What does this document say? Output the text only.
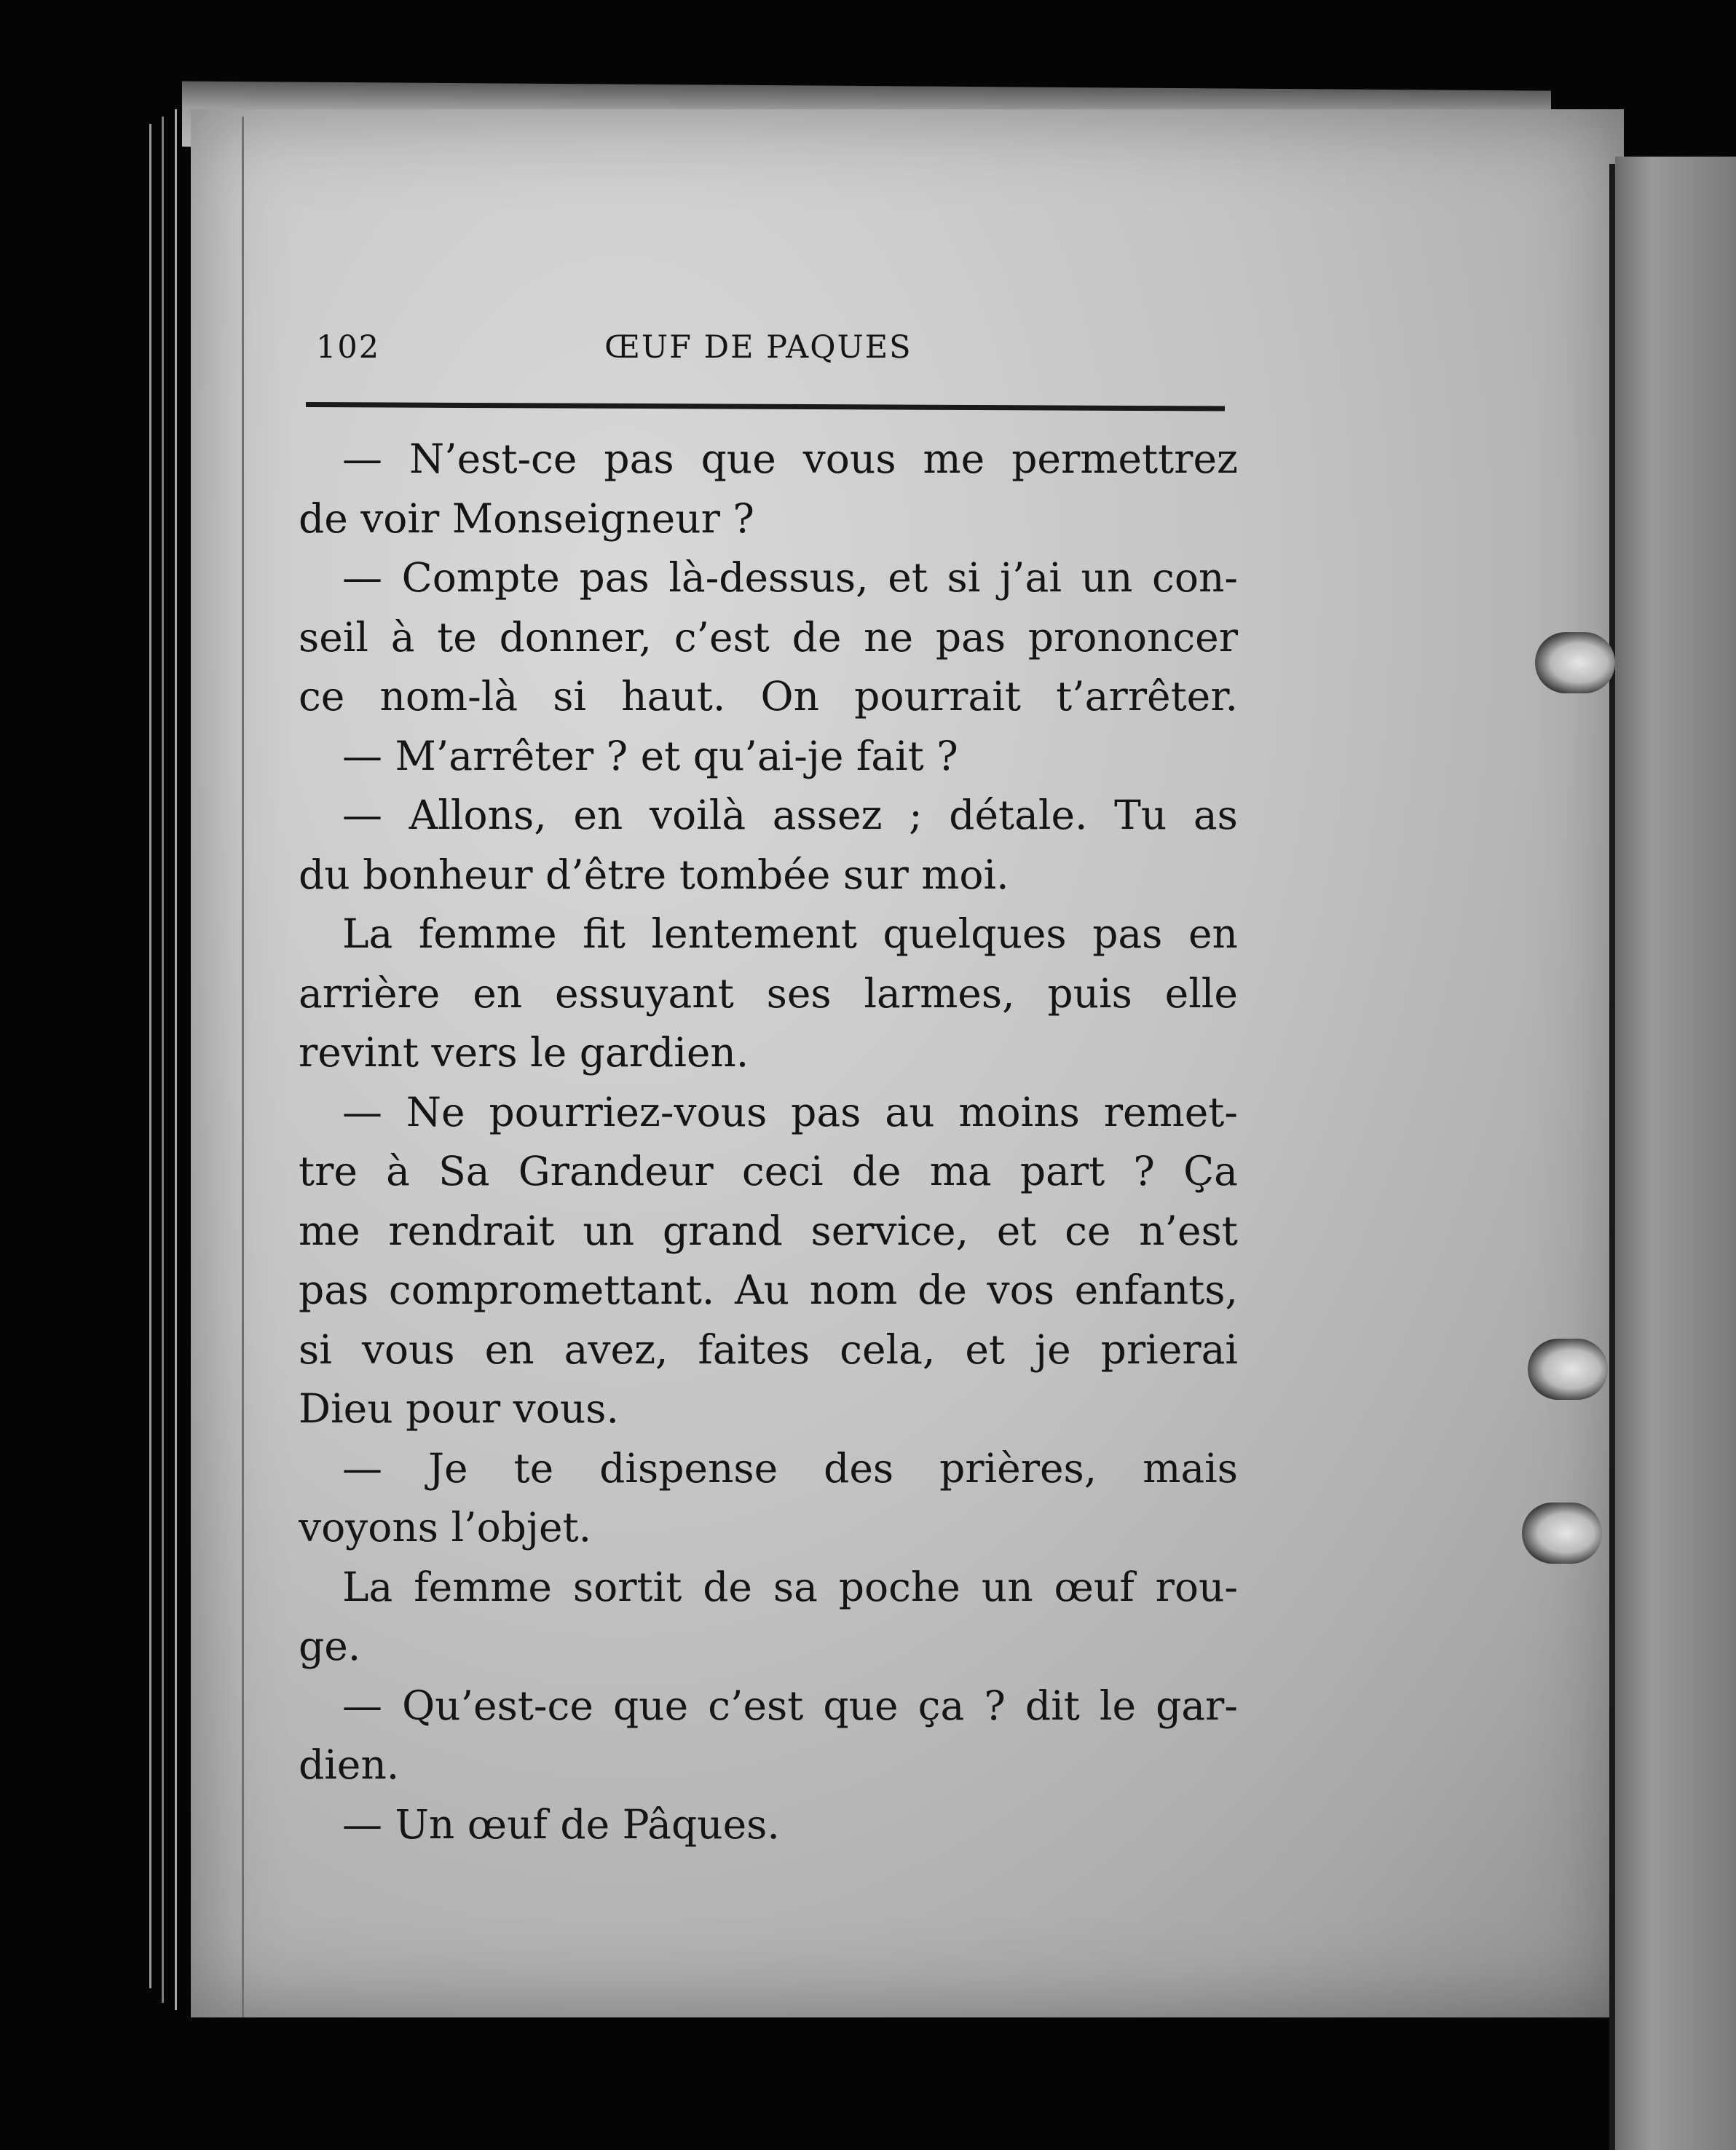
102	ŒUF DE PAQUES
— N’est-ce pas que vous me permettrez
de voir Monseigneur ?
— Compte pas là-dessus, et si j’ai un con-
seil à te donner, c’est de ne pas prononcer
ce nom-là si haut. On pourrait t’arrêter.
— M’arrêter ? et qu’ai-je fait ?
— Allons, en voilà assez ; détale. Tu as
du bonheur d’être tombée sur moi.
La femme fit lentement quelques pas en
arrière en essuyant ses larmes, puis elle
revint vers le gardien.
— Ne pourriez-vous pas au moins remet-
tre à Sa Grandeur ceci de ma part ? Ça
me rendrait un grand service, et ce n’est
pas compromettant. Au nom de vos enfants,
si vous en avez, faites cela, et je prierai
Dieu pour vous.
— Je te dispense des prières, mais
voyons l’objet.
La femme sortit de sa poche un œuf rou-
ge.
— Qu’est-ce que c’est que ça ? dit le gar-
dien.
— Un œuf de Pâques.
